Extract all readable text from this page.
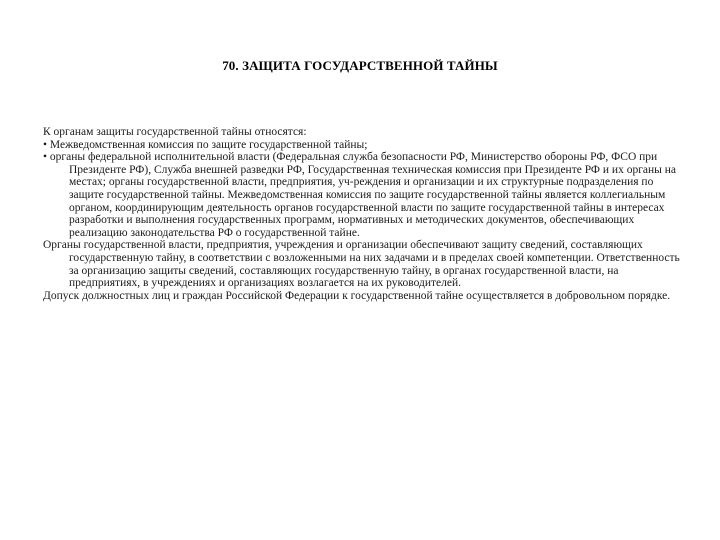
70. ЗАЩИТА ГОСУДАРСТВЕННОЙ ТАЙНЫ

К органам защиты государственной тайны относятся:

• Межведомственная комиссия по защите государственной тайны;

• органы федеральной исполнительной власти (Федеральная служба безопасности РФ, Министерство обороны РФ, ФСО при Президенте РФ), Служба внешней разведки РФ, Государственная техническая комиссия при Президенте РФ и их органы на местах; органы государственной власти, предприятия, уч-реждения и организации и их структурные подразделения по защите государственной тайны. Межведомственная комиссия по защите государственной тайны является коллегиальным органом, координирующим деятельность органов государственной власти по защите государственной тайны в интересах разработки и выполнения государственных программ, нормативных и методических документов, обеспечивающих реализацию законодательства РФ о государственной тайне.

Органы государственной власти, предприятия, учреждения и организации обеспечивают защиту сведений, составляющих государственную тайну, в соответствии с возложенными на них задачами и в пределах своей компетенции. Ответственность за организацию защиты сведений, составляющих государственную тайну, в органах государственной власти, на предприятиях, в учреждениях и организациях возлагается на их руководителей.

Допуск должностных лиц и граждан Российской Федерации к государственной тайне осуществляется в добровольном порядке.
